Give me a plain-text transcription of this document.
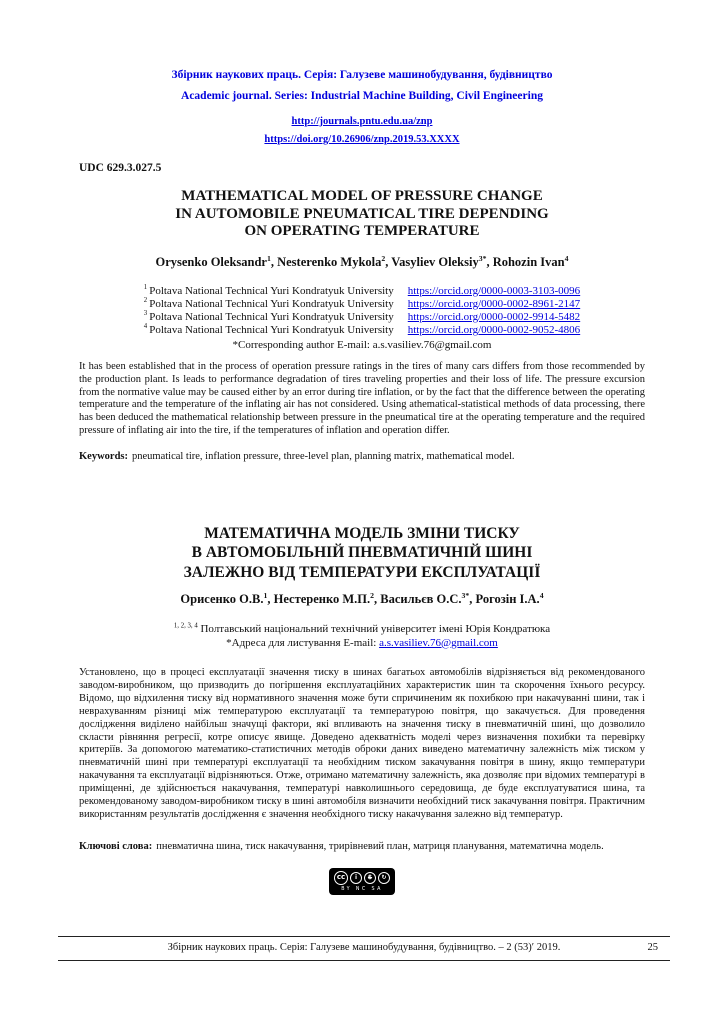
Збірник наукових праць. Серія: Галузеве машинобудування, будівництво
Academic journal. Series: Industrial Machine Building, Civil Engineering
http://journals.pntu.edu.ua/znp
https://doi.org/10.26906/znp.2019.53.XXXX
UDC 629.3.027.5
MATHEMATICAL MODEL OF PRESSURE CHANGE
IN AUTOMOBILE PNEUMATICAL TIRE DEPENDING
ON OPERATING TEMPERATURE

Orysenko Oleksandr$^1$, Nesterenko Mykola$^2$, Vasyliev Oleksiy$^{3*}$, Rohozin Ivan$^4$

$^1$ Poltava National Technical Yuri Kondratyuk University https://orcid.org/0000-0003-3103-0096
$^2$ Poltava National Technical Yuri Kondratyuk University https://orcid.org/0000-0002-8961-2147
$^3$ Poltava National Technical Yuri Kondratyuk University https://orcid.org/0000-0002-9914-5482
$^4$ Poltava National Technical Yuri Kondratyuk University https://orcid.org/0000-0002-9052-4806
*Corresponding author E-mail: a.s.vasiliev.76@gmail.com

It has been established that in the process of operation pressure ratings in the tires of many cars differs from those recommended by the production plant. Is leads to performance degradation of tires traveling properties and their loss of life. The pressure excursion from the normative value may be caused either by an error during tire inflation, or by the fact that the difference between the operating temperature and the temperature of the inflating air has not considered. Using athematical-statistical methods of data processing, there has been deduced the mathematical relationship between pressure in the pneumatical tire at the operating temperature and the required pressure of inflating air into the tire, if the temperatures of inflation and operation differ.

Keywords: pneumatical tire, inflation pressure, three-level plan, planning matrix, mathematical model.

МАТЕМАТИЧНА МОДЕЛЬ ЗМІНИ ТИСКУ
В АВТОМОБІЛЬНІЙ ПНЕВМАТИЧНІЙ ШИНІ
ЗАЛЕЖНО ВІД ТЕМПЕРАТУРИ ЕКСПЛУАТАЦІЇ

Орисенко О.В.$^1$, Нестеренко М.П.$^2$, Васильєв О.С.$^{3*}$, Рогозін І.А.$^4$

$^{1, 2, 3, 4}$ Полтавський національний технічний університет імені Юрія Кондратюка
*Адреса для листування E-mail: a.s.vasiliev.76@gmail.com

Установлено, що в процесі експлуатації значення тиску в шинах багатьох автомобілів відрізняється від рекомендованого заводом-виробником, що призводить до погіршення експлуатаційних характеристик шин та скорочення їхнього ресурсу. Відомо, що відхилення тиску від нормативного значення може бути спричиненим як похибкою при накачуванні шини, так і неврахуванням різниці між температурою експлуатації та температурою повітря, що закачується. Для проведення дослідження виділено найбільш значущі фактори, які впливають на значення тиску в пневматичній шині, що дозволило скласти рівняння регресії, котре описує явище. Доведено адекватність моделі через визначення похибки та перевірку критеріїв. За допомогою математико-статистичних методів оброки даних виведено математичну залежність між тиском у пневматичній шині при температурі експлуатації та необхідним тиском закачування повітря в шину, якщо температури накачування та експлуатації відрізняються. Отже, отримано математичну залежність, яка дозволяє при відомих температурі в приміщенні, де здійснюється накачування, температурі навколишнього середовища, де буде експлуатуватися шина, та рекомендованому заводом-виробником тиску в шині автомобіля визначити необхідний тиск закачування повітря. Практичним використанням результатів дослідження є значення необхідного тиску накачування залежно від температур.

Ключові слова: пневматична шина, тиск накачування, трирівневий план, матриця планування, математична модель.

cc	i	$	↻
BY NC SA
Збірник наукових праць. Серія: Галузеве машинобудування, будівництво. – 2 (53)′ 2019.	25
